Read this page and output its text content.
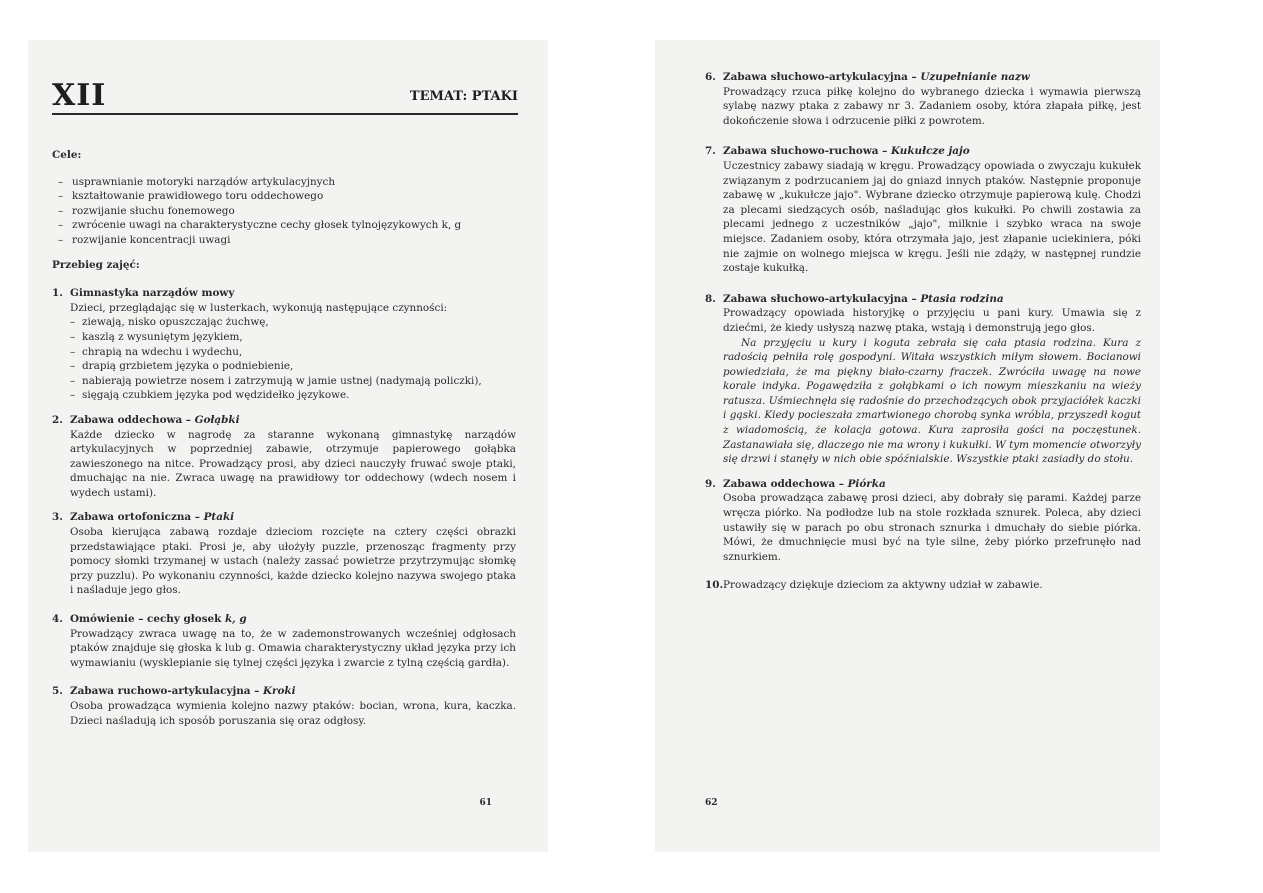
XII	TEMAT: PTAKI
Cele:
– usprawnianie motoryki narządów artykulacyjnych
– kształtowanie prawidłowego toru oddechowego
– rozwijanie słuchu fonemowego
– zwrócenie uwagi na charakterystyczne cechy głosek tylnojęzykowych k, g
– rozwijanie koncentracji uwagi
Przebieg zajęć:
1. Gimnastyka narządów mowy
Dzieci, przeglądając się w lusterkach, wykonują następujące czynności:
– ziewają, nisko opuszczając żuchwę,
– kaszlą z wysuniętym językiem,
– chrapią na wdechu i wydechu,
– drapią grzbietem języka o podniebienie,
– nabierają powietrze nosem i zatrzymują w jamie ustnej (nadymają policzki),
– sięgają czubkiem języka pod wędzidełko językowe.
2. Zabawa oddechowa – Gołąbki
Każde dziecko w nagrodę za staranne wykonaną gimnastykę narządów artykulacyjnych w poprzedniej zabawie, otrzymuje papierowego gołąbka zawieszonego na nitce. Prowadzący prosi, aby dzieci nauczyły fruwać swoje ptaki, dmuchając na nie. Zwraca uwagę na prawidłowy tor oddechowy (wdech nosem i wydech ustami).
3. Zabawa ortofoniczna – Ptaki
Osoba kierująca zabawą rozdaje dzieciom rozcięte na cztery części obrazki przedstawiające ptaki. Prosi je, aby ułożyły puzzle, przenosząc fragmenty przy pomocy słomki trzymanej w ustach (należy zassać powietrze przytrzymując słomkę przy puzzlu). Po wykonaniu czynności, każde dziecko kolejno nazywa swojego ptaka i naśladuje jego głos.
4. Omówienie – cechy głosek k, g
Prowadzący zwraca uwagę na to, że w zademonstrowanych wcześniej odgłosach ptaków znajduje się głoska k lub g. Omawia charakterystyczny układ języka przy ich wymawianiu (wysklepianie się tylnej części języka i zwarcie z tylną częścią gardła).
5. Zabawa ruchowo-artykulacyjna – Kroki
Osoba prowadząca wymienia kolejno nazwy ptaków: bocian, wrona, kura, kaczka. Dzieci naśladują ich sposób poruszania się oraz odgłosy.
61
6. Zabawa słuchowo-artykulacyjna – Uzupełnianie nazw
Prowadzący rzuca piłkę kolejno do wybranego dziecka i wymawia pierwszą sylabę nazwy ptaka z zabawy nr 3. Zadaniem osoby, która złapała piłkę, jest dokończenie słowa i odrzucenie piłki z powrotem.
7. Zabawa słuchowo-ruchowa – Kukułcze jajo
Uczestnicy zabawy siadają w kręgu. Prowadzący opowiada o zwyczaju kukułek związanym z podrzucaniem jaj do gniazd innych ptaków. Następnie proponuje zabawę w „kukułcze jajo". Wybrane dziecko otrzymuje papierową kulę. Chodzi za plecami siedzących osób, naśladując głos kukułki. Po chwili zostawia za plecami jednego z uczestników „jajo", milknie i szybko wraca na swoje miejsce. Zadaniem osoby, która otrzymała jajo, jest złapanie uciekiniera, póki nie zajmie on wolnego miejsca w kręgu. Jeśli nie zdąży, w następnej rundzie zostaje kukułką.
8. Zabawa słuchowo-artykulacyjna – Ptasia rodzina
Prowadzący opowiada historyjkę o przyjęciu u pani kury. Umawia się z dziećmi, że kiedy usłyszą nazwę ptaka, wstają i demonstrują jego głos.
Na przyjęciu u kury i koguta zebrała się cała ptasia rodzina. Kura z radością pełniła rolę gospodyni. Witała wszystkich miłym słowem. Bocianowi powiedziała, że ma piękny biało-czarny fraczek. Zwróciła uwagę na nowe korale indyka. Pogawędziła z gołąbkami o ich nowym mieszkaniu na wieży ratusza. Uśmiechnęła się radośnie do przechodzących obok przyjaciółek kaczki i gąski. Kiedy pocieszała zmartwionego chorobą synka wróbla, przyszedł kogut z wiadomością, że kolacja gotowa. Kura zaprosiła gości na poczęstunek. Zastanawiała się, dlaczego nie ma wrony i kukułki. W tym momencie otworzyły się drzwi i stanęły w nich obie spóźnialskie. Wszystkie ptaki zasiadły do stołu.
9. Zabawa oddechowa – Piórka
Osoba prowadząca zabawę prosi dzieci, aby dobrały się parami. Każdej parze wręcza piórko. Na podłodze lub na stole rozkłada sznurek. Poleca, aby dzieci ustawiły się w parach po obu stronach sznurka i dmuchały do siebie piórka. Mówi, że dmuchnięcie musi być na tyle silne, żeby piórko przefrunęło nad sznurkiem.
10. Prowadzący dziękuje dzieciom za aktywny udział w zabawie.
62
